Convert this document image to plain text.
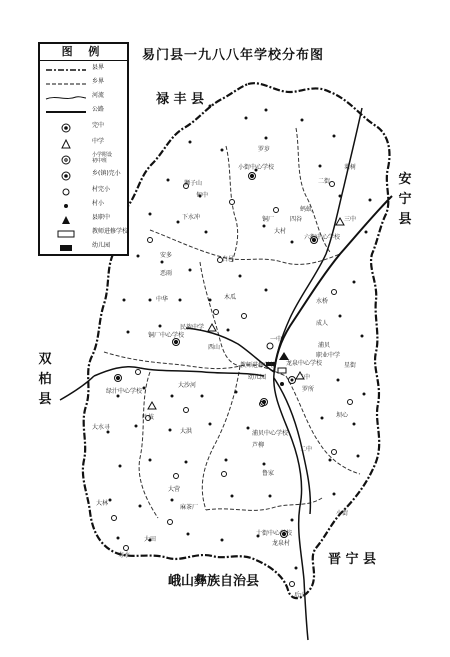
易门县一九八八年学校分布图
禄 丰 县
安 宁 县
双 柏 县
晋 宁 县
峨山彝族自治县
罗岁
小街中心学校
狮子山
甸中
下水冲
二街
莱树
三中
四谷
蚂蚁
六街中心学校
大村
铜厂
安多
白邑
恶雨
水桥
中华	木瓜
民族中学
铜厂中心学校
西山
一中
成人
浦贝
教师进修学校
幼儿园
职业中学
龙泉中心学校	星街
二中
罗所
大沙河
绿汁中心学校
大水寻
浦贝中心学校
芦柳
二中
叶枝
大洪
坝心
小街
鲁家
十街中心学校
大营
麻茶厂
龙泉村
大林
大田
寿水
后山
图 例
县界
乡界
河流
公路
完中
中学
小学附设
初中班
乡(镇)完小
村完小
村小
县职中
教师进修学校
幼儿园
